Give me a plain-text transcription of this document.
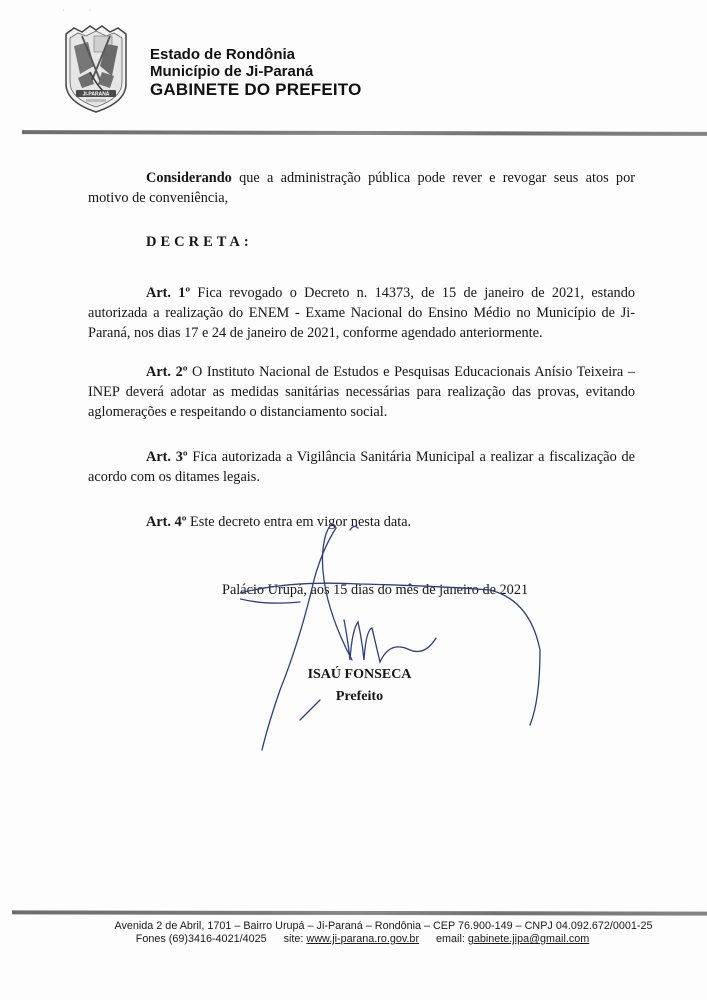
·            ·
JI-PARANÁ
Estado de Rondônia
Município de Ji-Paraná
GABINETE DO PREFEITO

Considerando que a administração pública pode rever e revogar seus atos por motivo de conveniência,

DECRETA:

Art. 1º Fica revogado o Decreto n. 14373, de 15 de janeiro de 2021, estando autorizada a realização do ENEM - Exame Nacional do Ensino Médio no Município de Ji-Paraná, nos dias 17 e 24 de janeiro de 2021, conforme agendado anteriormente.

Art. 2º O Instituto Nacional de Estudos e Pesquisas Educacionais Anísio Teixeira – INEP deverá adotar as medidas sanitárias necessárias para realização das provas, evitando aglomerações e respeitando o distanciamento social.

Art. 3º Fica autorizada a Vigilância Sanitária Municipal a realizar a fiscalização de acordo com os ditames legais.

Art. 4º Este decreto entra em vigor nesta data.

Palácio Urupá, aos 15 dias do mês de janeiro de 2021
ISAÚ FONSECA
Prefeito
Avenida 2 de Abril, 1701 – Bairro Urupá – Ji-Paraná – Rondônia – CEP 76.900-149 – CNPJ 04.092.672/0001-25
Fones (69)3416-4021/4025 site: www.ji-parana.ro.gov.br email: gabinete.jipa@gmail.com
